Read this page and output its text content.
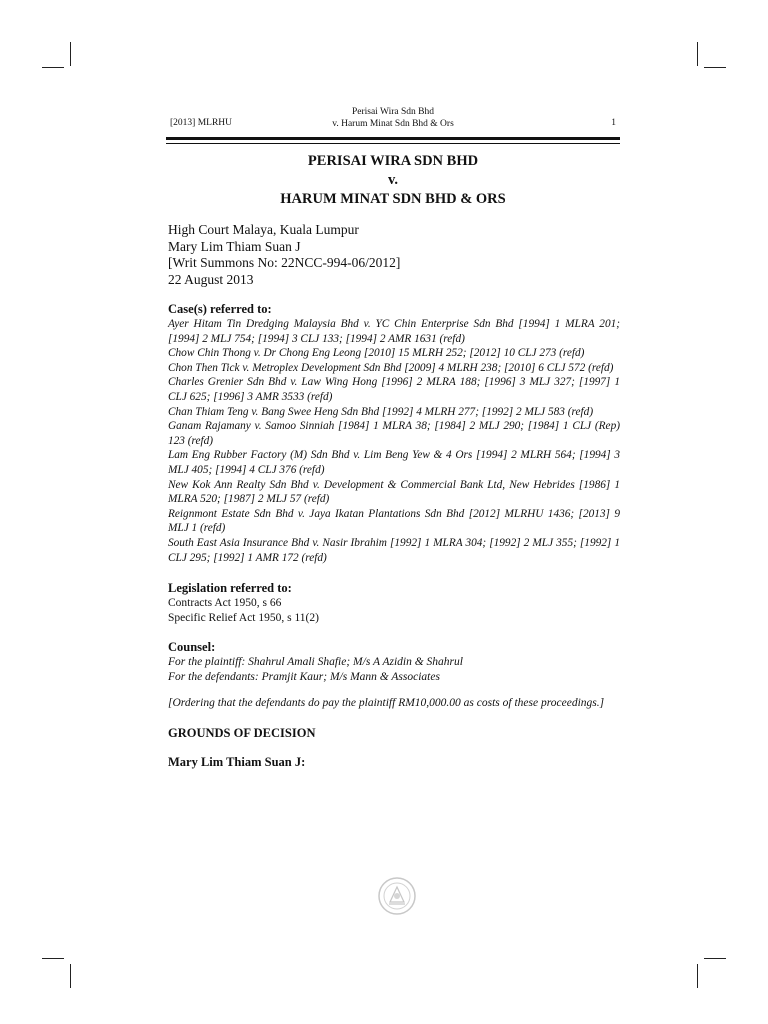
[2013] MLRHU
Perisai Wira Sdn Bhd
v. Harum Minat Sdn Bhd & Ors	1
PERISAI WIRA SDN BHD
v.
HARUM MINAT SDN BHD & ORS
High Court Malaya, Kuala Lumpur
Mary Lim Thiam Suan J
[Writ Summons No: 22NCC-994-06/2012]
22 August 2013
Case(s) referred to:
Ayer Hitam Tin Dredging Malaysia Bhd v. YC Chin Enterprise Sdn Bhd [1994] 1 MLRA 201; [1994] 2 MLJ 754; [1994] 3 CLJ 133; [1994] 2 AMR 1631 (refd)
Chow Chin Thong v. Dr Chong Eng Leong [2010] 15 MLRH 252; [2012] 10 CLJ 273 (refd)
Chon Then Tick v. Metroplex Development Sdn Bhd [2009] 4 MLRH 238; [2010] 6 CLJ 572 (refd)
Charles Grenier Sdn Bhd v. Law Wing Hong [1996] 2 MLRA 188; [1996] 3 MLJ 327; [1997] 1 CLJ 625; [1996] 3 AMR 3533 (refd)
Chan Thiam Teng v. Bang Swee Heng Sdn Bhd [1992] 4 MLRH 277; [1992] 2 MLJ 583 (refd)
Ganam Rajamany v. Samoo Sinniah [1984] 1 MLRA 38; [1984] 2 MLJ 290; [1984] 1 CLJ (Rep) 123 (refd)
Lam Eng Rubber Factory (M) Sdn Bhd v. Lim Beng Yew & 4 Ors [1994] 2 MLRH 564; [1994] 3 MLJ 405; [1994] 4 CLJ 376 (refd)
New Kok Ann Realty Sdn Bhd v. Development & Commercial Bank Ltd, New Hebrides [1986] 1 MLRA 520; [1987] 2 MLJ 57 (refd)
Reignmont Estate Sdn Bhd v. Jaya Ikatan Plantations Sdn Bhd [2012] MLRHU 1436; [2013] 9 MLJ 1 (refd)
South East Asia Insurance Bhd v. Nasir Ibrahim [1992] 1 MLRA 304; [1992] 2 MLJ 355; [1992] 1 CLJ 295; [1992] 1 AMR 172 (refd)
Legislation referred to:
Contracts Act 1950, s 66
Specific Relief Act 1950, s 11(2)
Counsel:
For the plaintiff: Shahrul Amali Shafie; M/s A Azidin & Shahrul
For the defendants: Pramjit Kaur; M/s Mann & Associates
[Ordering that the defendants do pay the plaintiff RM10,000.00 as costs of these proceedings.]
GROUNDS OF DECISION
Mary Lim Thiam Suan J:
